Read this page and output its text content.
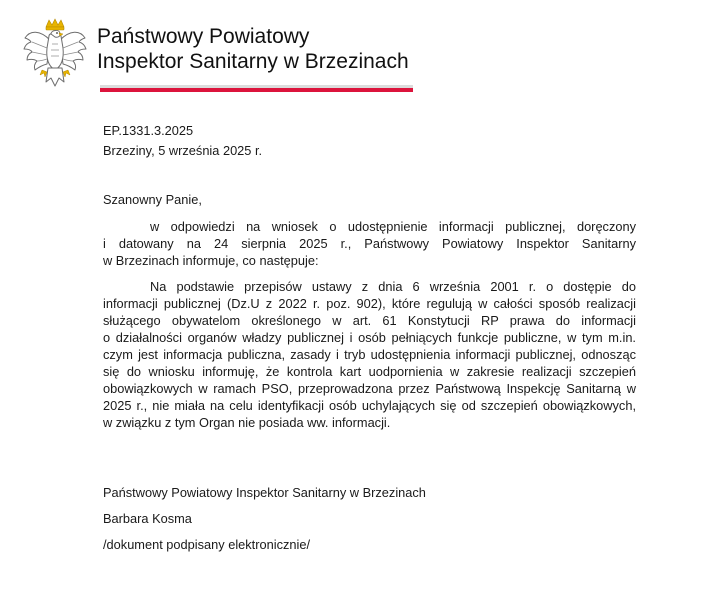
Państwowy Powiatowy
Inspektor Sanitarny w Brzezinach
EP.1331.3.2025
Brzeziny, 5 września 2025 r.
Szanowny Panie,
w odpowiedzi na wniosek o udostępnienie informacji publicznej, doręczony
i datowany na 24 sierpnia 2025 r., Państwowy Powiatowy Inspektor Sanitarny
w Brzezinach informuje, co następuje:
Na podstawie przepisów ustawy z dnia 6 września 2001 r. o dostępie do
informacji publicznej (Dz.U z 2022 r. poz. 902), które regulują w całości sposób realizacji
służącego obywatelom określonego w art. 61 Konstytucji RP prawa do informacji
o działalności organów władzy publicznej i osób pełniących funkcje publiczne, w tym m.in.
czym jest informacja publiczna, zasady i tryb udostępnienia informacji publicznej, odnosząc
się do wniosku informuję, że kontrola kart uodpornienia w zakresie realizacji szczepień
obowiązkowych w ramach PSO, przeprowadzona przez Państwową Inspekcję Sanitarną w
2025 r., nie miała na celu identyfikacji osób uchylających się od szczepień obowiązkowych,
w związku z tym Organ nie posiada ww. informacji.
Państwowy Powiatowy Inspektor Sanitarny w Brzezinach
Barbara Kosma
/dokument podpisany elektronicznie/
